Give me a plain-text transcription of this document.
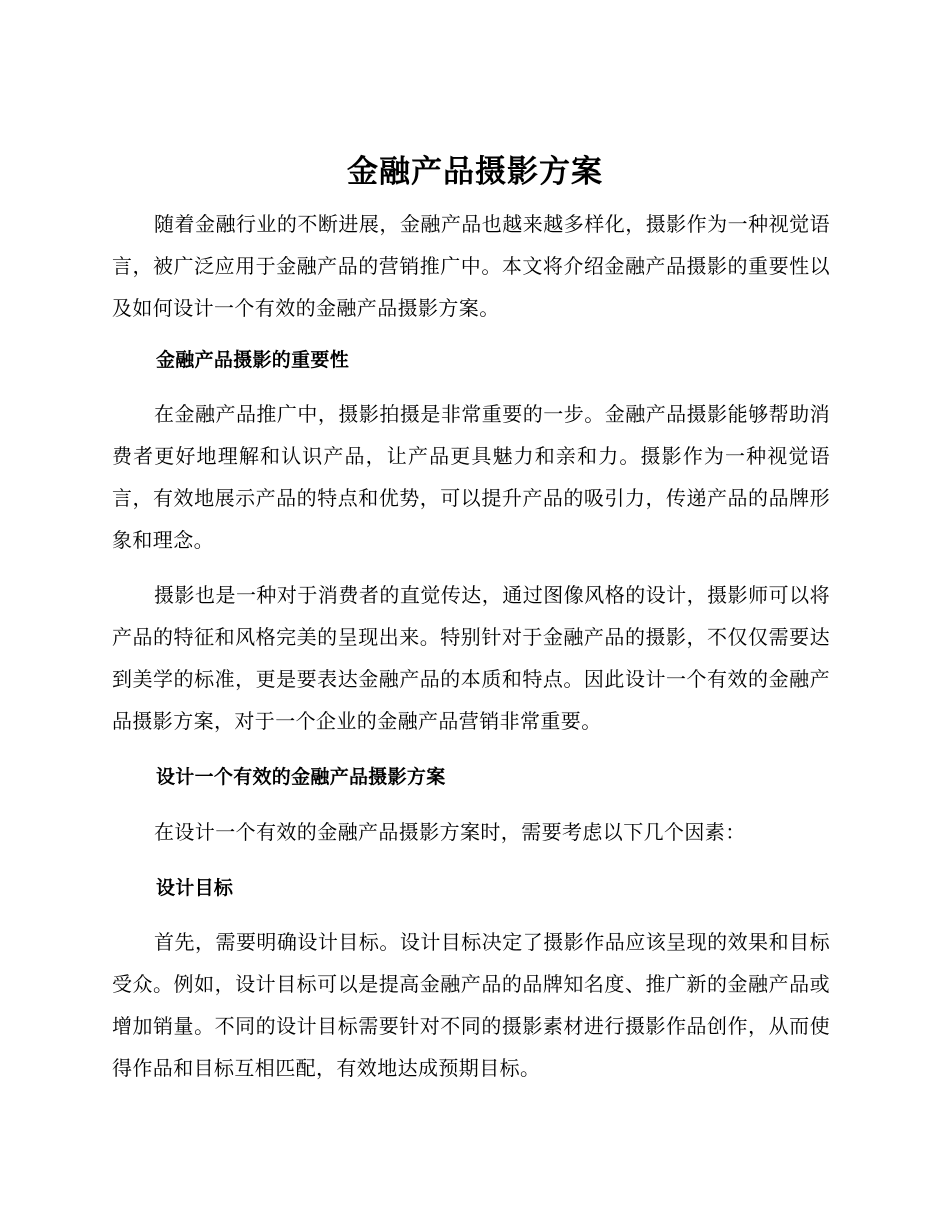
金融产品摄影方案

随着金融行业的不断进展，金融产品也越来越多样化，摄影作为一种视觉语言，被广泛应用于金融产品的营销推广中。本文将介绍金融产品摄影的重要性以及如何设计一个有效的金融产品摄影方案。

金融产品摄影的重要性

在金融产品推广中，摄影拍摄是非常重要的一步。金融产品摄影能够帮助消费者更好地理解和认识产品，让产品更具魅力和亲和力。摄影作为一种视觉语言，有效地展示产品的特点和优势，可以提升产品的吸引力，传递产品的品牌形象和理念。

摄影也是一种对于消费者的直觉传达，通过图像风格的设计，摄影师可以将产品的特征和风格完美的呈现出来。特别针对于金融产品的摄影，不仅仅需要达到美学的标准，更是要表达金融产品的本质和特点。因此设计一个有效的金融产品摄影方案，对于一个企业的金融产品营销非常重要。

设计一个有效的金融产品摄影方案

在设计一个有效的金融产品摄影方案时，需要考虑以下几个因素：

设计目标

首先，需要明确设计目标。设计目标决定了摄影作品应该呈现的效果和目标受众。例如，设计目标可以是提高金融产品的品牌知名度、推广新的金融产品或增加销量。不同的设计目标需要针对不同的摄影素材进行摄影作品创作，从而使得作品和目标互相匹配，有效地达成预期目标。
